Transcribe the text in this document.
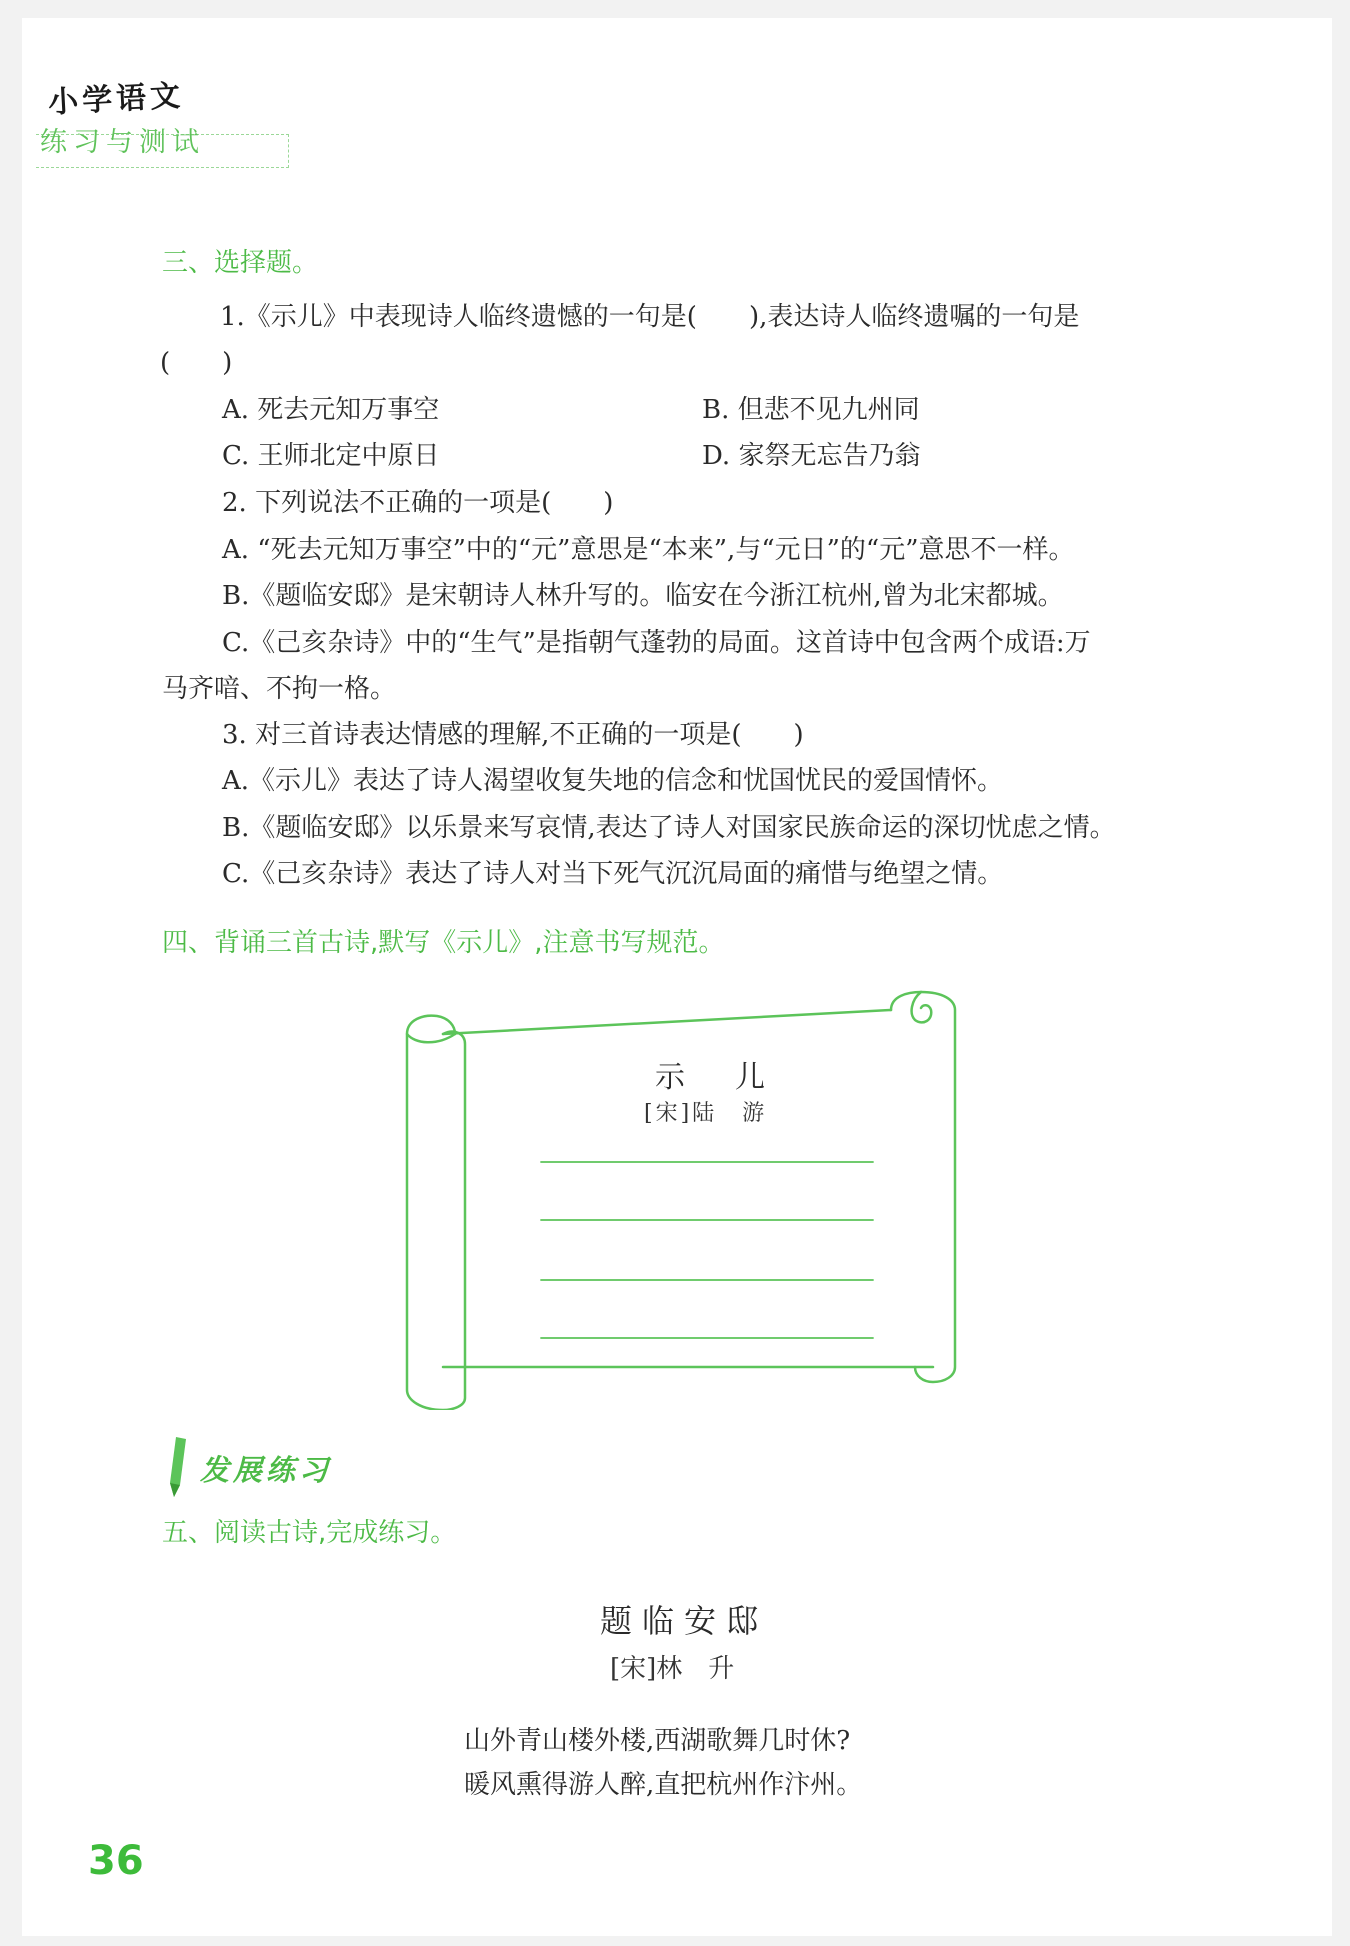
小学语文
练习与测试
三、选择题。
1.《示儿》中表现诗人临终遗憾的一句是(　　),表达诗人临终遗嘱的一句是
(　　)
A. 死去元知万事空	B. 但悲不见九州同
C. 王师北定中原日	D. 家祭无忘告乃翁
2. 下列说法不正确的一项是(　　)
A. “死去元知万事空”中的“元”意思是“本来”,与“元日”的“元”意思不一样。
B.《题临安邸》是宋朝诗人林升写的。临安在今浙江杭州,曾为北宋都城。
C.《己亥杂诗》中的“生气”是指朝气蓬勃的局面。这首诗中包含两个成语:万
马齐喑、不拘一格。
3. 对三首诗表达情感的理解,不正确的一项是(　　)
A.《示儿》表达了诗人渴望收复失地的信念和忧国忧民的爱国情怀。
B.《题临安邸》以乐景来写哀情,表达了诗人对国家民族命运的深切忧虑之情。
C.《己亥杂诗》表达了诗人对当下死气沉沉局面的痛惜与绝望之情。
四、背诵三首古诗,默写《示儿》,注意书写规范。
示　儿
[宋]陆　游
发展练习
五、阅读古诗,完成练习。
题临安邸
[宋]林　升
山外青山楼外楼,西湖歌舞几时休?
暖风熏得游人醉,直把杭州作汴州。
36
